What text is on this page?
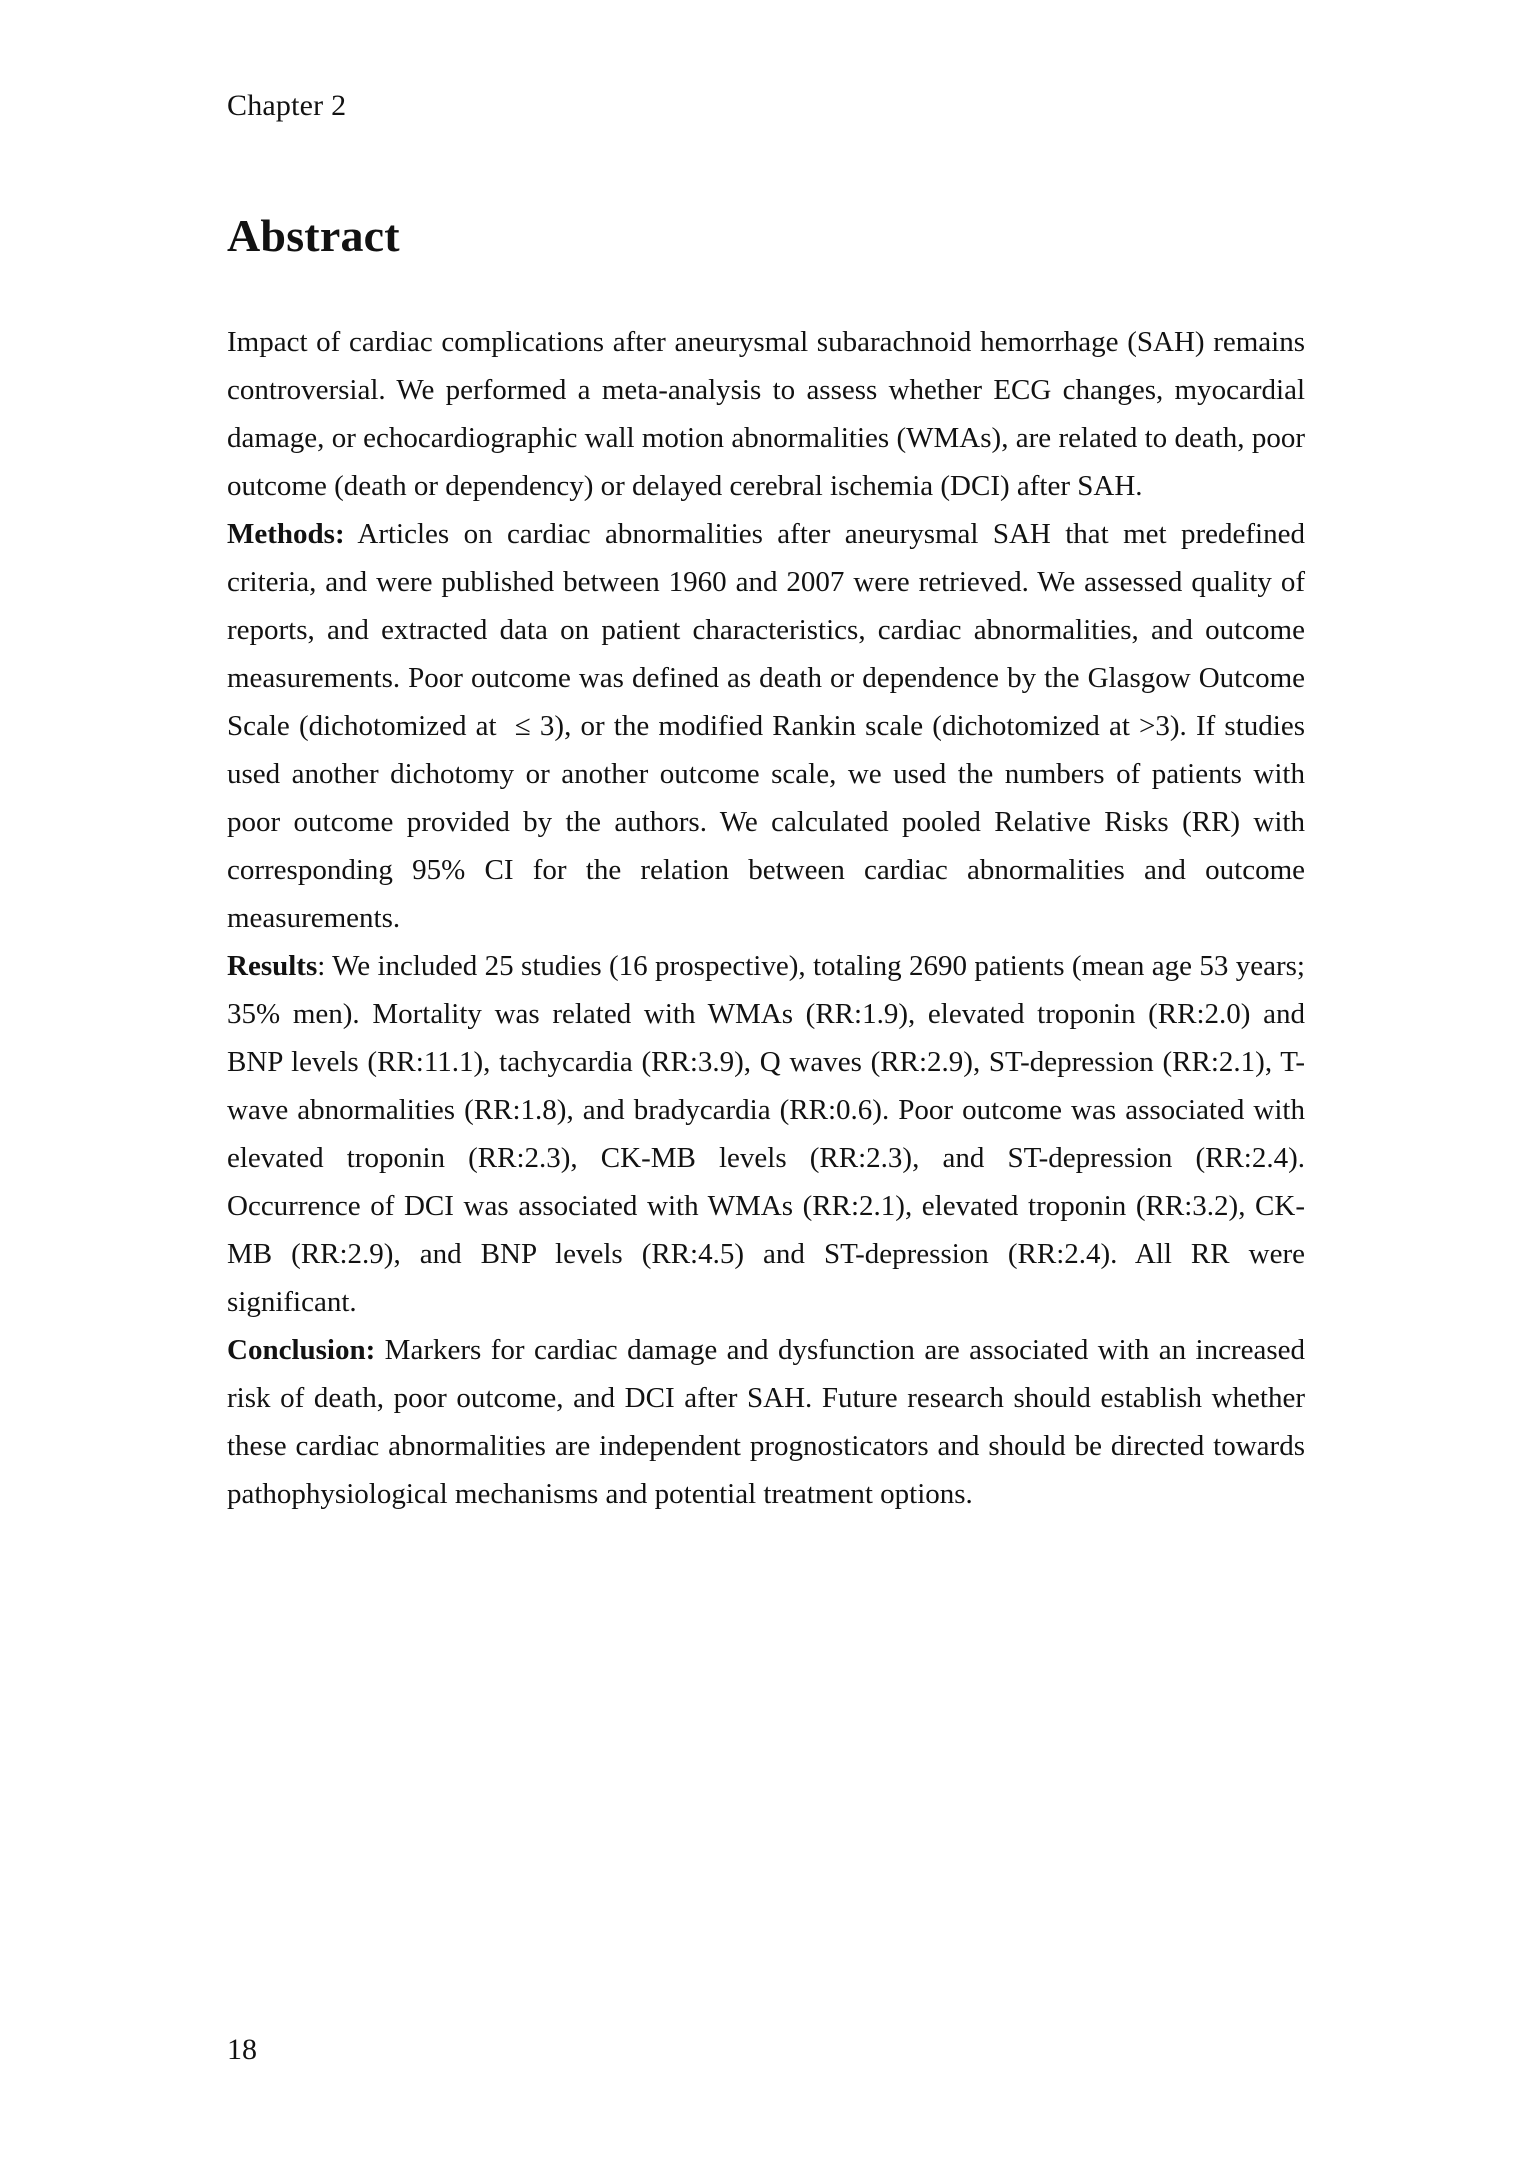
Chapter 2
Abstract

Impact of cardiac complications after aneurysmal subarachnoid hemorrhage (SAH) remains controversial. We performed a meta-analysis to assess whether ECG changes, myocardial damage, or echocardiographic wall motion abnormalities (WMAs), are related to death, poor outcome (death or dependency) or delayed cerebral ischemia (DCI) after SAH.

Methods: Articles on cardiac abnormalities after aneurysmal SAH that met predefined criteria, and were published between 1960 and 2007 were retrieved. We assessed quality of reports, and extracted data on patient characteristics, cardiac abnormalities, and outcome measurements. Poor outcome was defined as death or dependence by the Glasgow Outcome Scale (dichotomized at  ≤ 3), or the modified Rankin scale (dichotomized at >3). If studies used another dichotomy or another outcome scale, we used the numbers of patients with poor outcome provided by the authors. We calculated pooled Relative Risks (RR) with corresponding 95% CI for the relation between cardiac abnormalities and outcome measurements.

Results: We included 25 studies (16 prospective), totaling 2690 patients (mean age 53 years; 35% men). Mortality was related with WMAs (RR:1.9), elevated troponin (RR:2.0) and BNP levels (RR:11.1), tachycardia (RR:3.9), Q waves (RR:2.9), ST-depression (RR:2.1), T-wave abnormalities (RR:1.8), and bradycardia (RR:0.6). Poor outcome was associated with elevated troponin (RR:2.3), CK-MB levels (RR:2.3), and ST-depression (RR:2.4). Occurrence of DCI was associated with WMAs (RR:2.1), elevated troponin (RR:3.2), CK-MB (RR:2.9), and BNP levels (RR:4.5) and ST-depression (RR:2.4). All RR were significant.

Conclusion: Markers for cardiac damage and dysfunction are associated with an increased risk of death, poor outcome, and DCI after SAH. Future research should establish whether these cardiac abnormalities are independent prognosticators and should be directed towards pathophysiological mechanisms and potential treatment options.

18
